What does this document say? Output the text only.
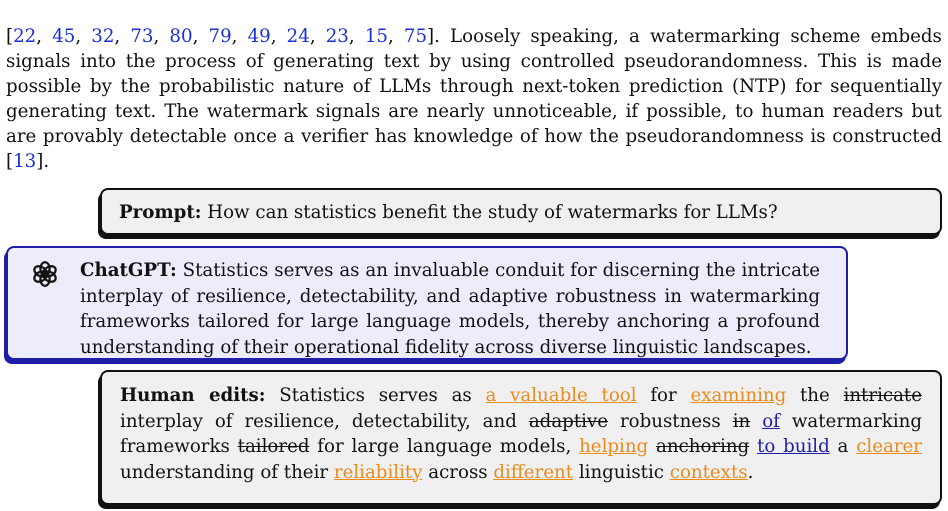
[22, 45, 32, 73, 80, 79, 49, 24, 23, 15, 75]. Loosely speaking, a watermarking scheme embeds signals into the process of generating text by using controlled pseudorandomness. This is made possible by the probabilistic nature of LLMs through next-token prediction (NTP) for sequentially generating text. The watermark signals are nearly unnoticeable, if possible, to human readers but are provably detectable once a verifier has knowledge of how the pseudorandomness is constructed [13].

Prompt: How can statistics benefit the study of watermarks for LLMs?
ChatGPT: Statistics serves as an invaluable conduit for discerning the intricate interplay of resilience, detectability, and adaptive robustness in watermarking frameworks tailored for large language models, thereby anchoring a profound understanding of their operational fidelity across diverse linguistic landscapes.
Human edits: Statistics serves as a valuable tool for examining the intricate interplay of resilience, detectability, and adaptive robustness in of watermarking frameworks tailored for large language models, helping anchoring to build a clearer understanding of their reliability across different linguistic contexts.
